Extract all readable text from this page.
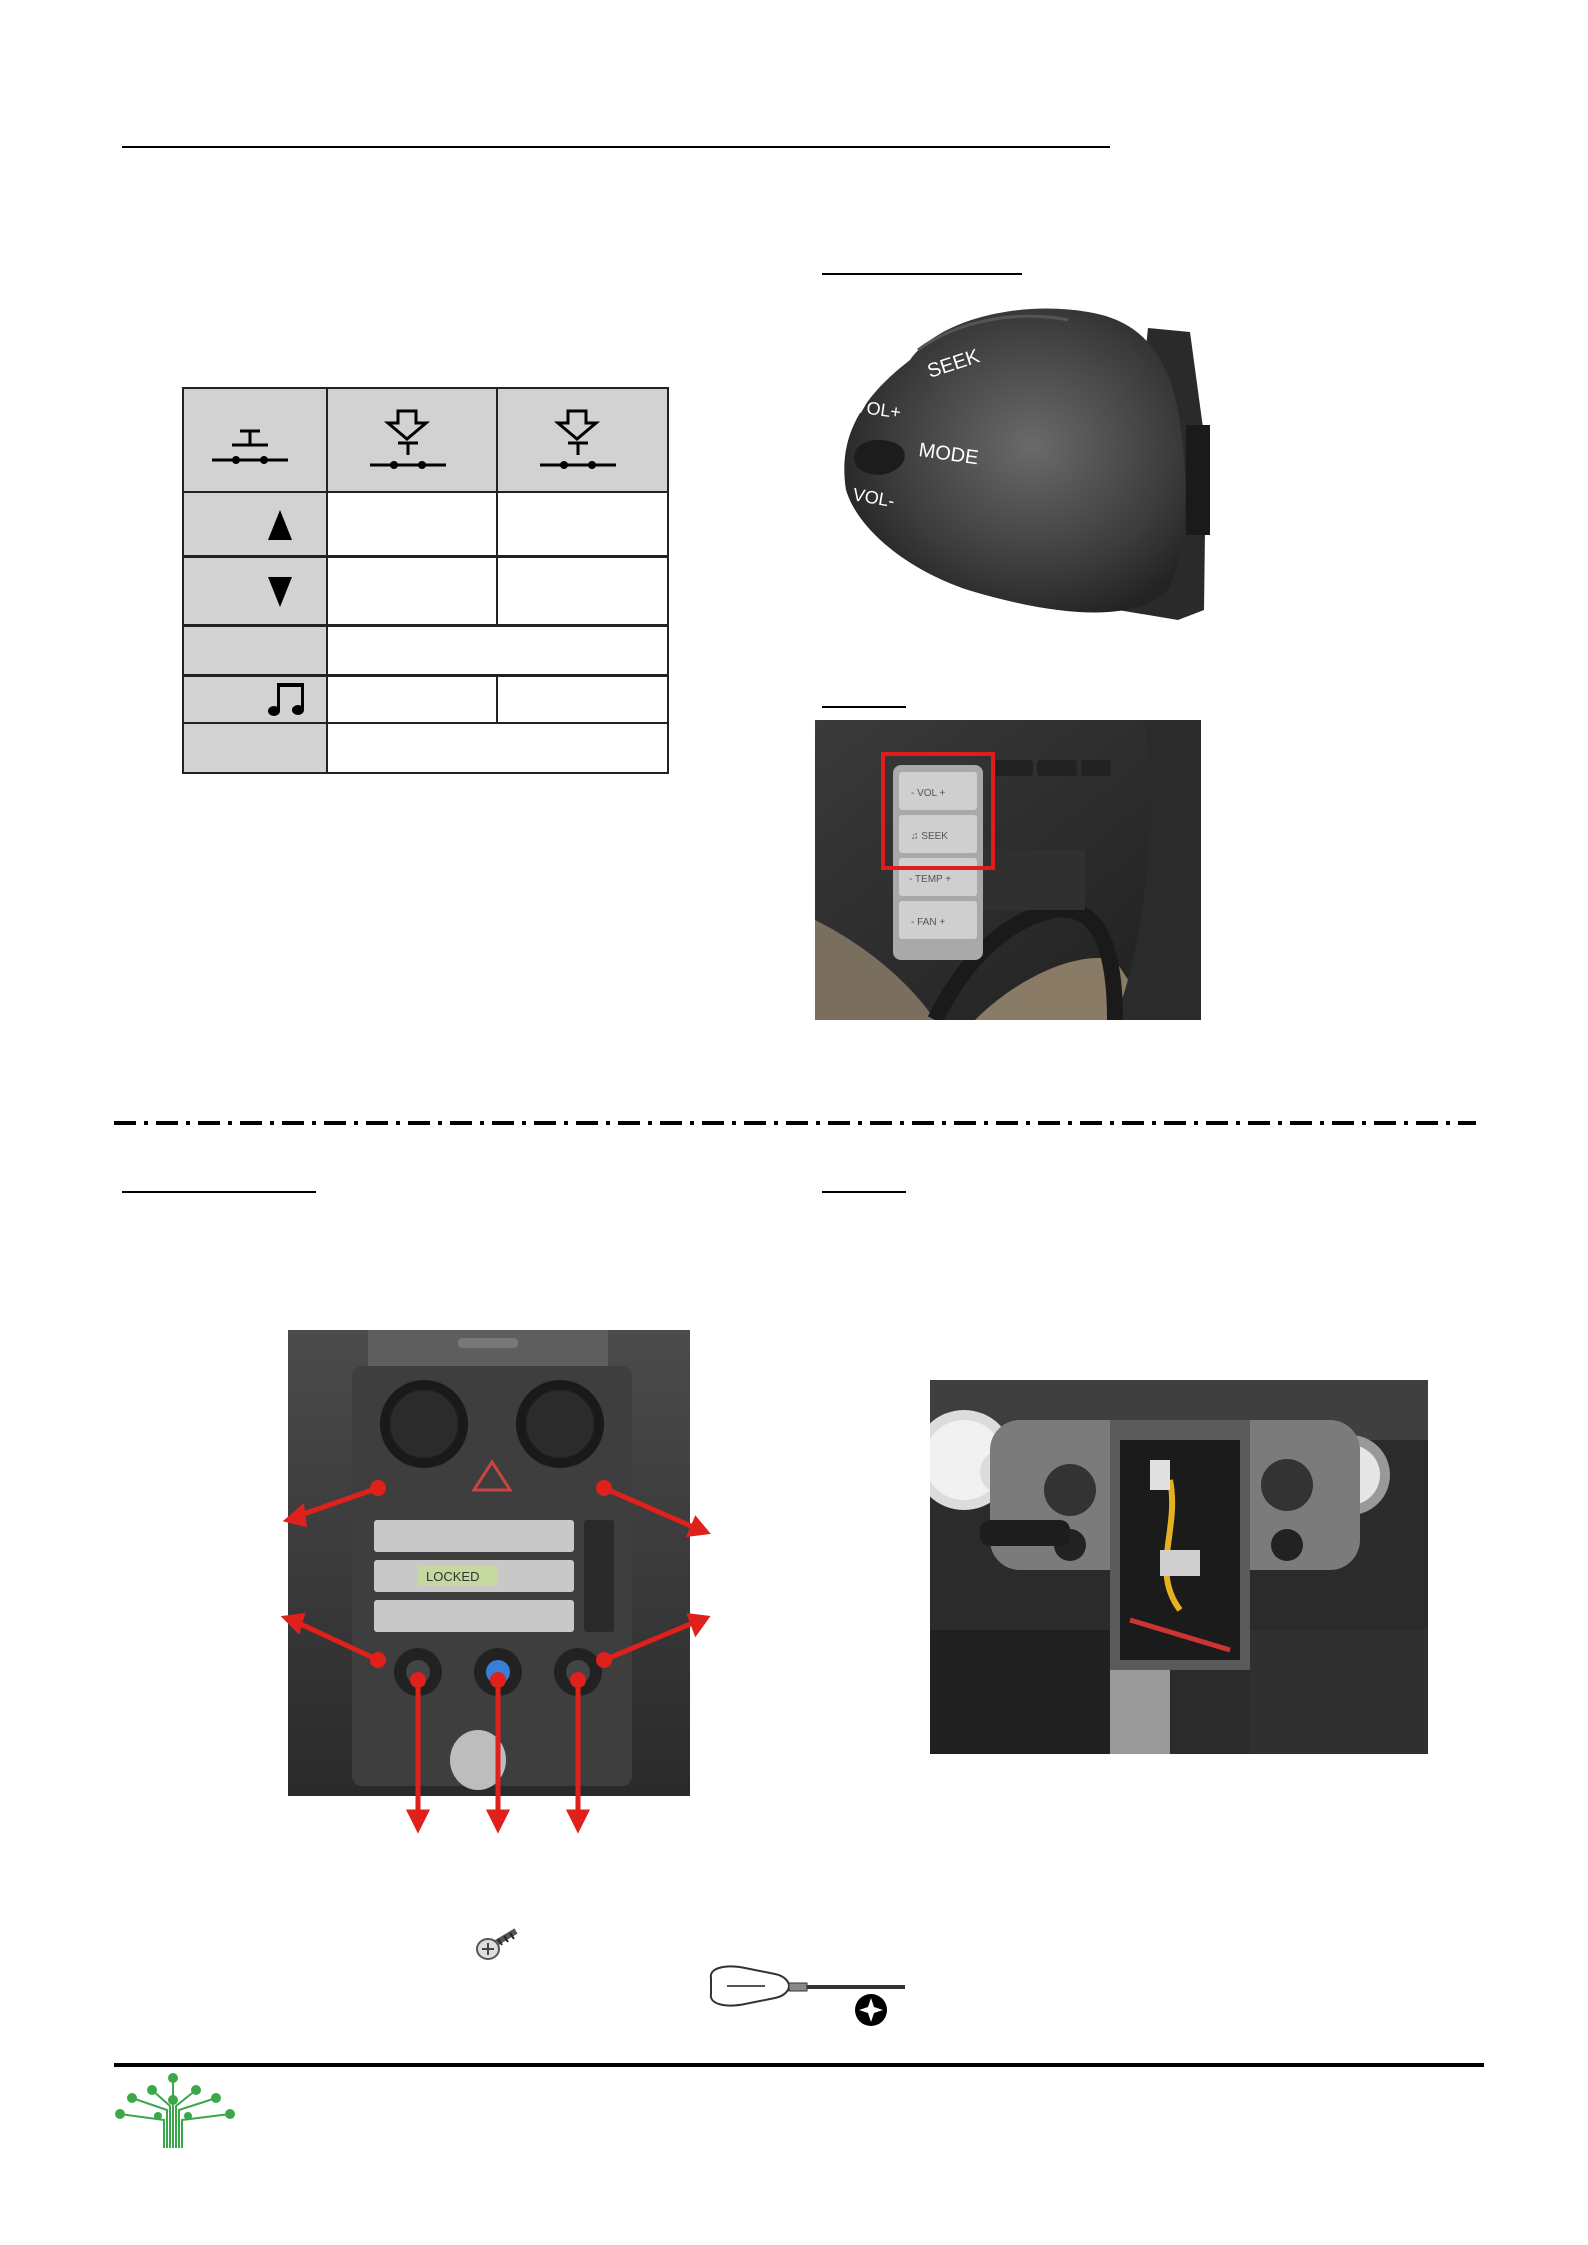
SEEK
VOL+
MODE
VOL-
- VOL +
♫ SEEK
- TEMP +
- FAN +
LOCKED
